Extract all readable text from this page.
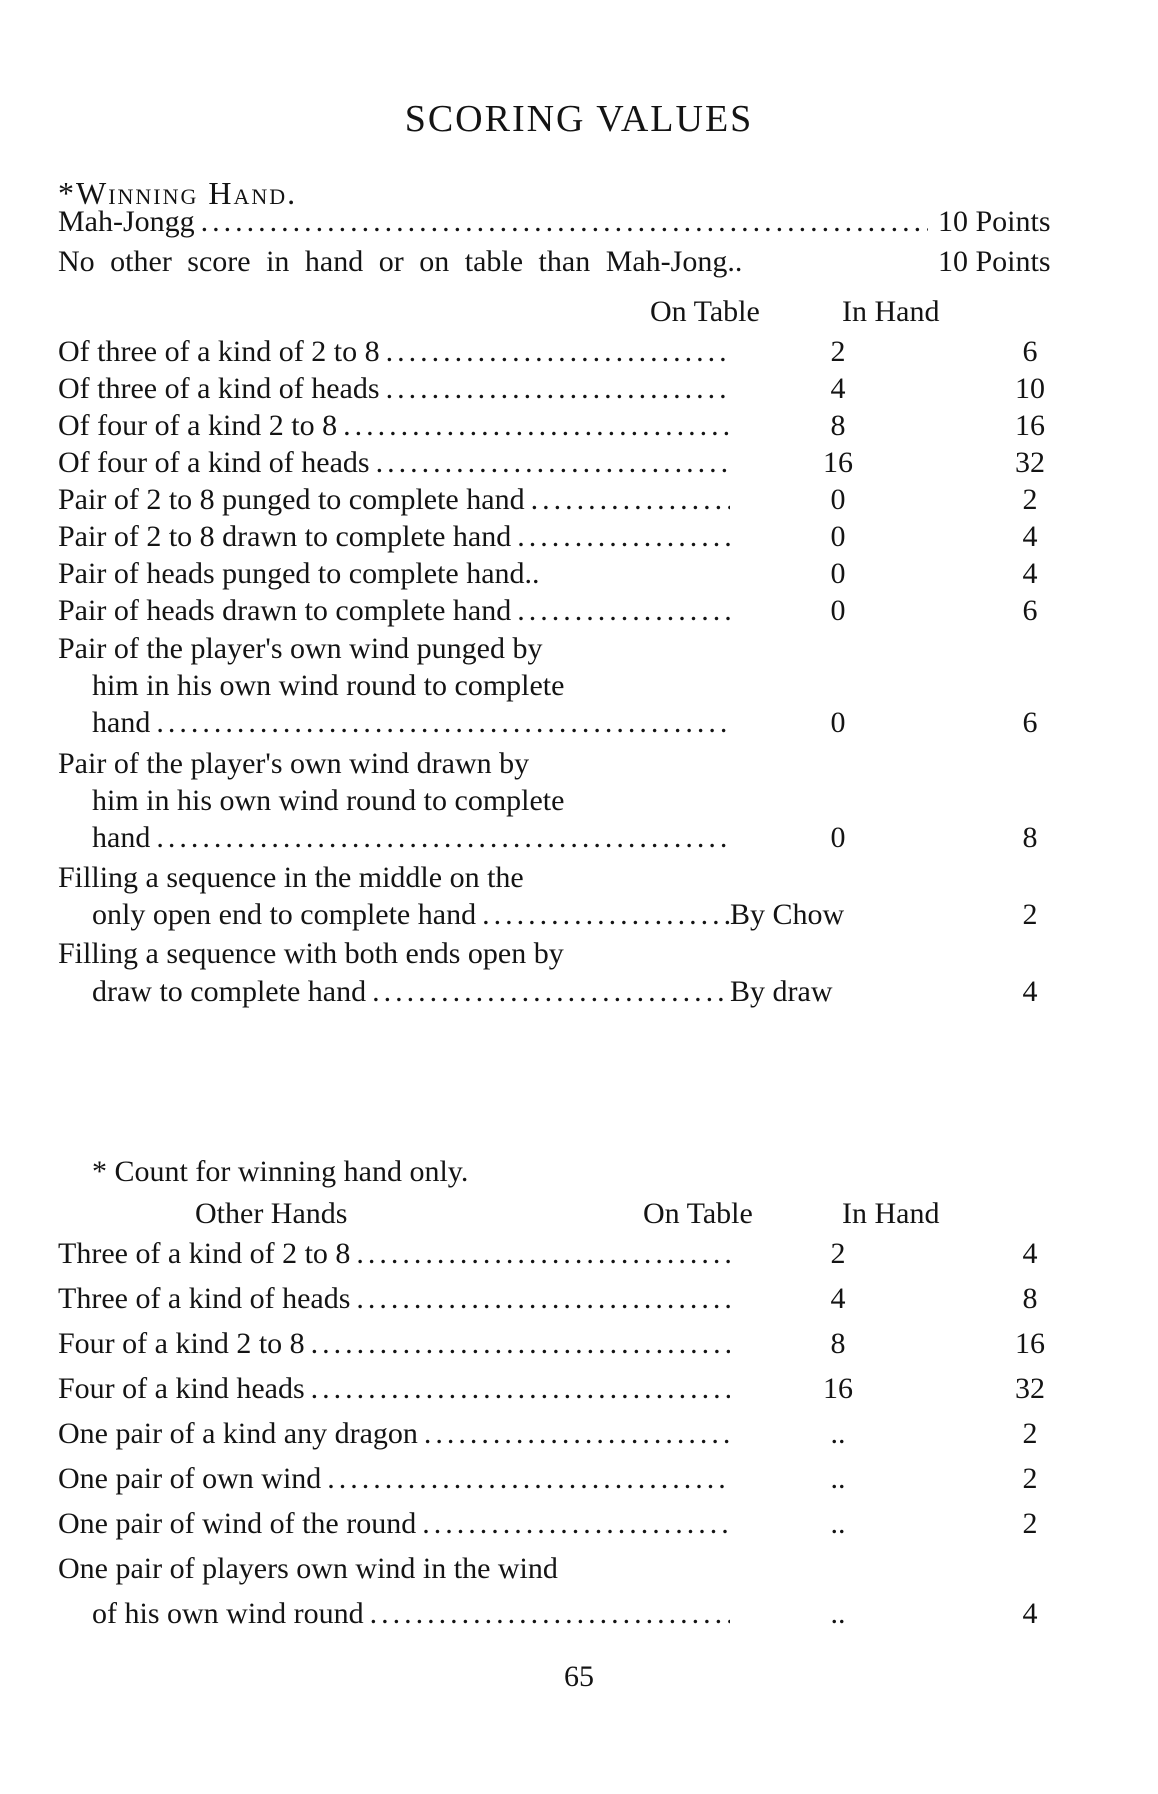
SCORING VALUES
*Winning Hand.
Mah-Jongg .....	10 Points
No other score in hand or on table than Mah-Jong..	10 Points
On Table	In Hand
Of three of a kind of 2 to 8 .....	2	6
Of three of a kind of heads .....	4	10
Of four of a kind 2 to 8 .....	8	16
Of four of a kind of heads .....	16	32
Pair of 2 to 8 punged to complete hand .....	0	2
Pair of 2 to 8 drawn to complete hand .....	0	4
Pair of heads punged to complete hand..	0	4
Pair of heads drawn to complete hand .....	0	6
Pair of the player's own wind punged by
him in his own wind round to complete
hand .....	0	6
Pair of the player's own wind drawn by
him in his own wind round to complete
hand .....	0	8
Filling a sequence in the middle on the
only open end to complete hand .....	By Chow	2
Filling a sequence with both ends open by
draw to complete hand .....	By draw	4
* Count for winning hand only.
Other Hands	On Table	In Hand
Three of a kind of 2 to 8 .....	2	4
Three of a kind of heads .....	4	8
Four of a kind 2 to 8 .....	8	16
Four of a kind heads .....	16	32
One pair of a kind any dragon .....	..	2
One pair of own wind .....	..	2
One pair of wind of the round .....	..	2
One pair of players own wind in the wind
of his own wind round .....	..	4
65
